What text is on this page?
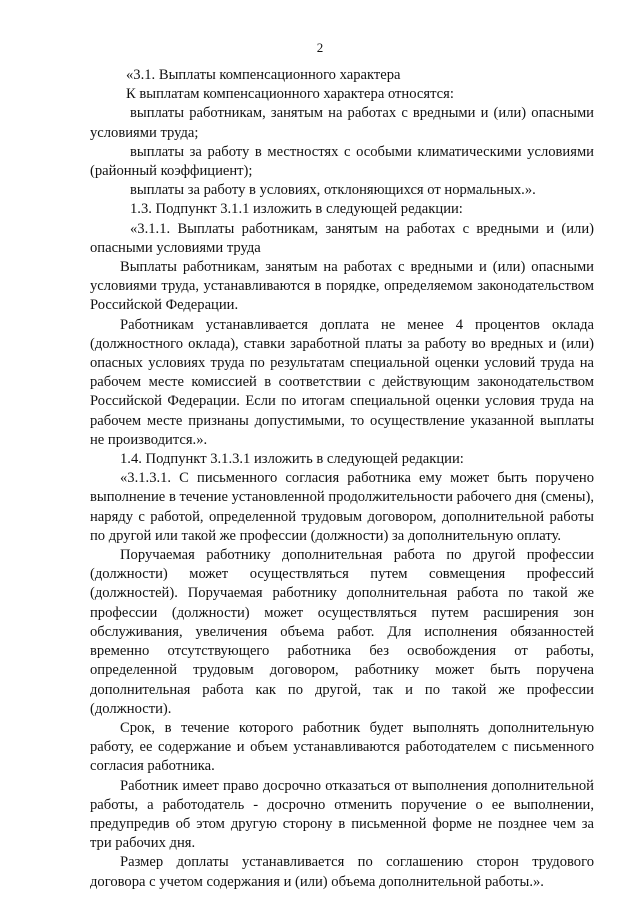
2

«3.1. Выплаты компенсационного характера

К выплатам компенсационного характера относятся:

выплаты работникам, занятым на работах с вредными и (или) опасными условиями труда;

выплаты за работу в местностях с особыми климатическими условиями (районный коэффициент);

выплаты за работу в условиях, отклоняющихся от нормальных.».

1.3. Подпункт 3.1.1 изложить в следующей редакции:

«3.1.1. Выплаты работникам, занятым на работах с вредными и (или) опасными условиями труда

Выплаты работникам, занятым на работах с вредными и (или) опасными условиями труда, устанавливаются в порядке, определяемом законодательством Российской Федерации.

Работникам устанавливается доплата не менее 4 процентов оклада (должностного оклада), ставки заработной платы за работу во вредных и (или) опасных условиях труда по результатам специальной оценки условий труда на рабочем месте комиссией в соответствии с действующим законодательством Российской Федерации. Если по итогам специальной оценки условия труда на рабочем месте признаны допустимыми, то осуществление указанной выплаты не производится.».

1.4. Подпункт 3.1.3.1 изложить в следующей редакции:

«3.1.3.1. С письменного согласия работника ему может быть поручено выполнение в течение установленной продолжительности рабочего дня (смены), наряду с работой, определенной трудовым договором, дополнительной работы по другой или такой же профессии (должности) за дополнительную оплату.

Поручаемая работнику дополнительная работа по другой профессии (должности) может осуществляться путем совмещения профессий (должностей). Поручаемая работнику дополнительная работа по такой же профессии (должности) может осуществляться путем расширения зон обслуживания, увеличения объема работ. Для исполнения обязанностей временно отсутствующего работника без освобождения от работы, определенной трудовым договором, работнику может быть поручена дополнительная работа как по другой, так и по такой же профессии (должности).

Срок, в течение которого работник будет выполнять дополнительную работу, ее содержание и объем устанавливаются работодателем с письменного согласия работника.

Работник имеет право досрочно отказаться от выполнения дополнительной работы, а работодатель - досрочно отменить поручение о ее выполнении, предупредив об этом другую сторону в письменной форме не позднее чем за три рабочих дня.

Размер доплаты устанавливается по соглашению сторон трудового договора с учетом содержания и (или) объема дополнительной работы.».
